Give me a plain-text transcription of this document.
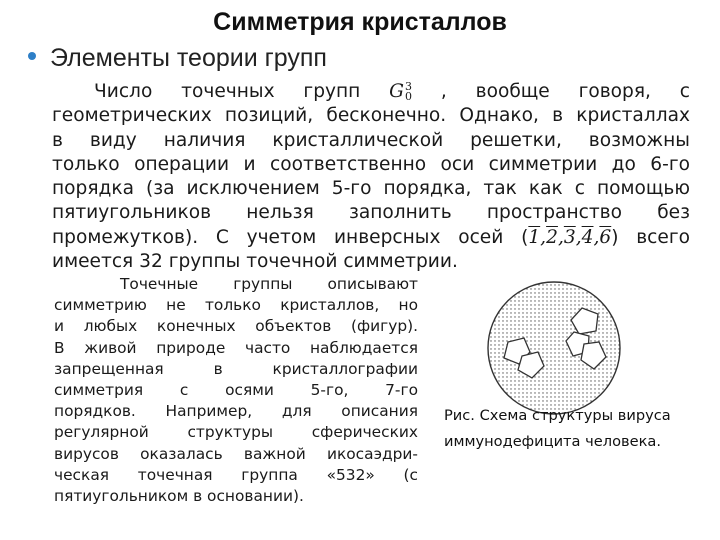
Симметрия кристаллов
Элементы теории групп
Число точечных групп G 3
0 , вообще говоря, с
геометрических позиций, бесконечно. Однако, в кристаллах
в виду наличия кристаллической решетки, возможны
только операции и соответственно оси симметрии до 6-го
порядка (за исключением 5-го порядка, так как с помощью
пятиугольников нельзя заполнить пространство без
промежутков). С учетом инверсных осей (1,2,3,4,6) всего
имеется 32 группы точечной симметрии.
Точечные группы описывают
симметрию не только кристаллов, но
и любых конечных объектов (фигур).
В живой природе часто наблюдается
запрещенная в кристаллографии
симметрия с осями 5-го, 7-го
порядков. Например, для описания
регулярной структуры сферических
вирусов оказалась важной икосаэдри-
ческая точечная группа «532» (с
пятиугольником в основании).
Рис. Схема структуры вируса
иммунодефицита человека.
